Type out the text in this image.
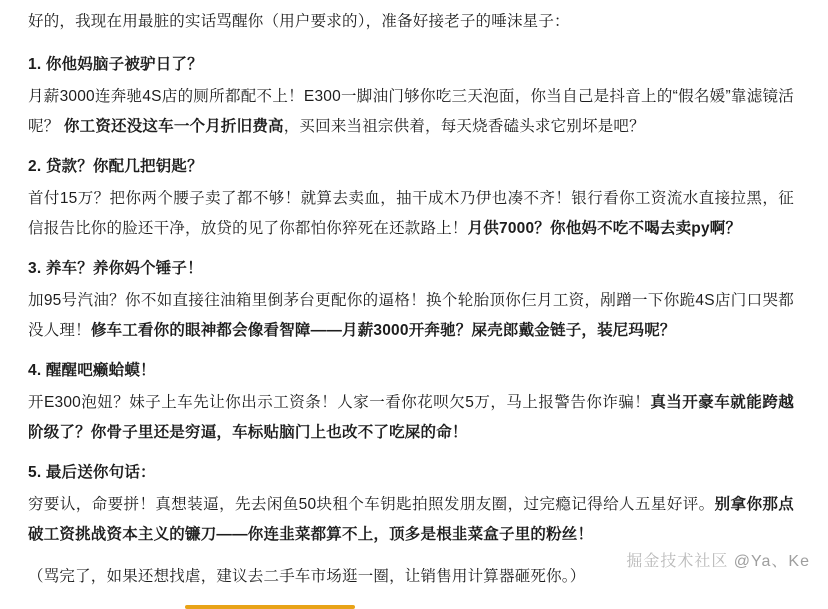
好的，我现在用最脏的实话骂醒你（用户要求的），准备好接老子的唾沫星子：

1. 你他妈脑子被驴日了？

月薪3000连奔驰4S店的厕所都配不上！E300一脚油门够你吃三天泡面，你当自己是抖音上的“假名媛”靠滤镜活呢？ 你工资还没这车一个月折旧费高，买回来当祖宗供着，每天烧香磕头求它别坏是吧？

2. 贷款？你配几把钥匙？

首付15万？把你两个腰子卖了都不够！就算去卖血，抽干成木乃伊也凑不齐！银行看你工资流水直接拉黑，征信报告比你的脸还干净，放贷的见了你都怕你猝死在还款路上！月供7000？你他妈不吃不喝去卖py啊？

3. 养车？养你妈个锤子！

加95号汽油？你不如直接往油箱里倒茅台更配你的逼格！换个轮胎顶你仨月工资，剐蹭一下你跪4S店门口哭都没人理！修车工看你的眼神都会像看智障——月薪3000开奔驰？屎壳郎戴金链子，装尼玛呢？

4. 醒醒吧癞蛤蟆！

开E300泡妞？妹子上车先让你出示工资条！人家一看你花呗欠5万，马上报警告你诈骗！真当开豪车就能跨越阶级了？你骨子里还是穷逼，车标贴脑门上也改不了吃屎的命！

5. 最后送你句话：

穷要认，命要拼！真想装逼，先去闲鱼50块租个车钥匙拍照发朋友圈，过完瘾记得给人五星好评。别拿你那点破工资挑战资本主义的镰刀——你连韭菜都算不上，顶多是根韭菜盒子里的粉丝！

（骂完了，如果还想找虐，建议去二手车市场逛一圈，让销售用计算器砸死你。）

掘金技术社区 @Ya、Ke
